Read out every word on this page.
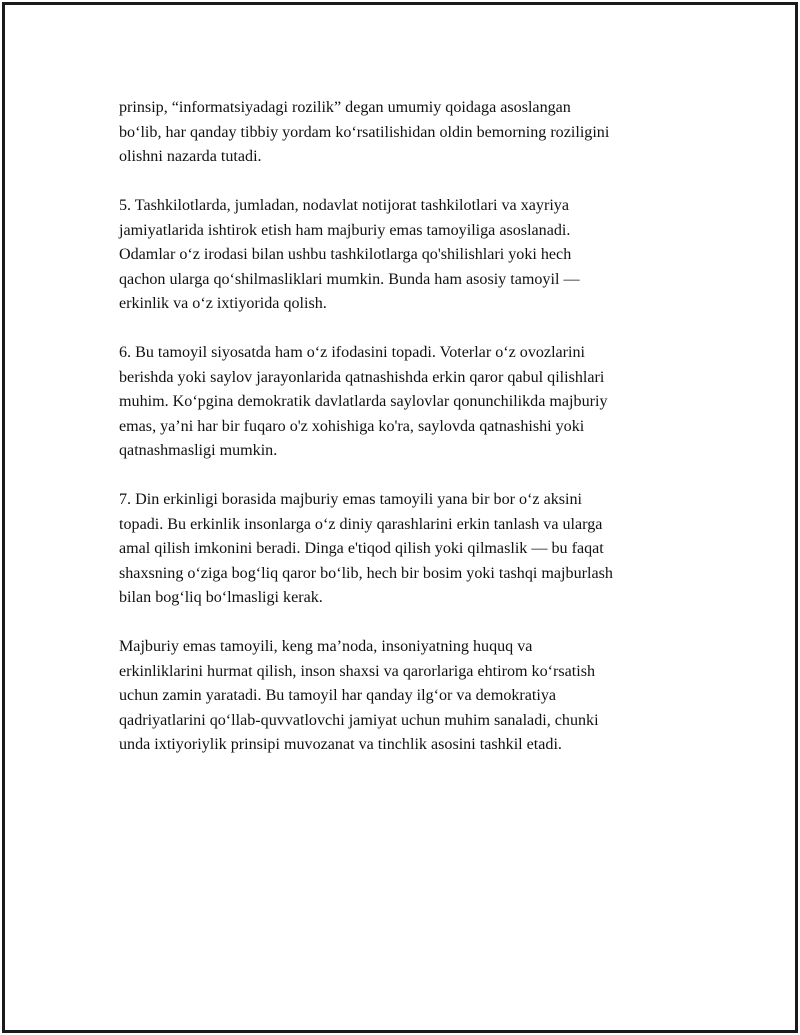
prinsip, “informatsiyadagi rozilik” degan umumiy qoidaga asoslangan
bo‘lib, har qanday tibbiy yordam ko‘rsatilishidan oldin bemorning roziligini
olishni nazarda tutadi.

5. Tashkilotlarda, jumladan, nodavlat notijorat tashkilotlari va xayriya
jamiyatlarida ishtirok etish ham majburiy emas tamoyiliga asoslanadi.
Odamlar o‘z irodasi bilan ushbu tashkilotlarga qo'shilishlari yoki hech
qachon ularga qo‘shilmasliklari mumkin. Bunda ham asosiy tamoyil —
erkinlik va o‘z ixtiyorida qolish.

6. Bu tamoyil siyosatda ham o‘z ifodasini topadi. Voterlar o‘z ovozlarini
berishda yoki saylov jarayonlarida qatnashishda erkin qaror qabul qilishlari
muhim. Ko‘pgina demokratik davlatlarda saylovlar qonunchilikda majburiy
emas, ya’ni har bir fuqaro o'z xohishiga ko'ra, saylovda qatnashishi yoki
qatnashmasligi mumkin.

7. Din erkinligi borasida majburiy emas tamoyili yana bir bor o‘z aksini
topadi. Bu erkinlik insonlarga o‘z diniy qarashlarini erkin tanlash va ularga
amal qilish imkonini beradi. Dinga e'tiqod qilish yoki qilmaslik — bu faqat
shaxsning o‘ziga bog‘liq qaror bo‘lib, hech bir bosim yoki tashqi majburlash
bilan bog‘liq bo‘lmasligi kerak.

Majburiy emas tamoyili, keng ma’noda, insoniyatning huquq va
erkinliklarini hurmat qilish, inson shaxsi va qarorlariga ehtirom ko‘rsatish
uchun zamin yaratadi. Bu tamoyil har qanday ilg‘or va demokratiya
qadriyatlarini qo‘llab-quvvatlovchi jamiyat uchun muhim sanaladi, chunki
unda ixtiyoriylik prinsipi muvozanat va tinchlik asosini tashkil etadi.
